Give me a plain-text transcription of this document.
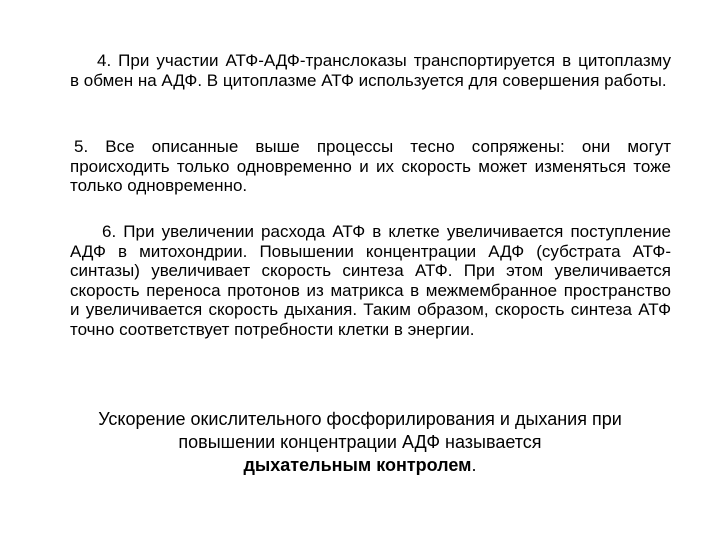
4. При участии АТФ-АДФ-транслоказы транспортируется в цитоплазму в обмен на АДФ. В цитоплазме АТФ используется для совершения работы.

5. Все описанные выше процессы тесно сопряжены: они могут происходить только одновременно и их скорость может изменяться тоже только одновременно.

6. При увеличении расхода АТФ в клетке увеличивается поступление АДФ в митохондрии. Повышении концентрации АДФ (субстрата АТФ-синтазы) увеличивает скорость синтеза АТФ. При этом увеличивается скорость переноса протонов из матрикса в межмембранное пространство и увеличивается скорость дыхания. Таким образом, скорость синтеза АТФ точно соответствует потребности клетки в энергии.

Ускорение окислительного фосфорилирования и дыхания при
повышении концентрации АДФ называется
дыхательным контролем.
